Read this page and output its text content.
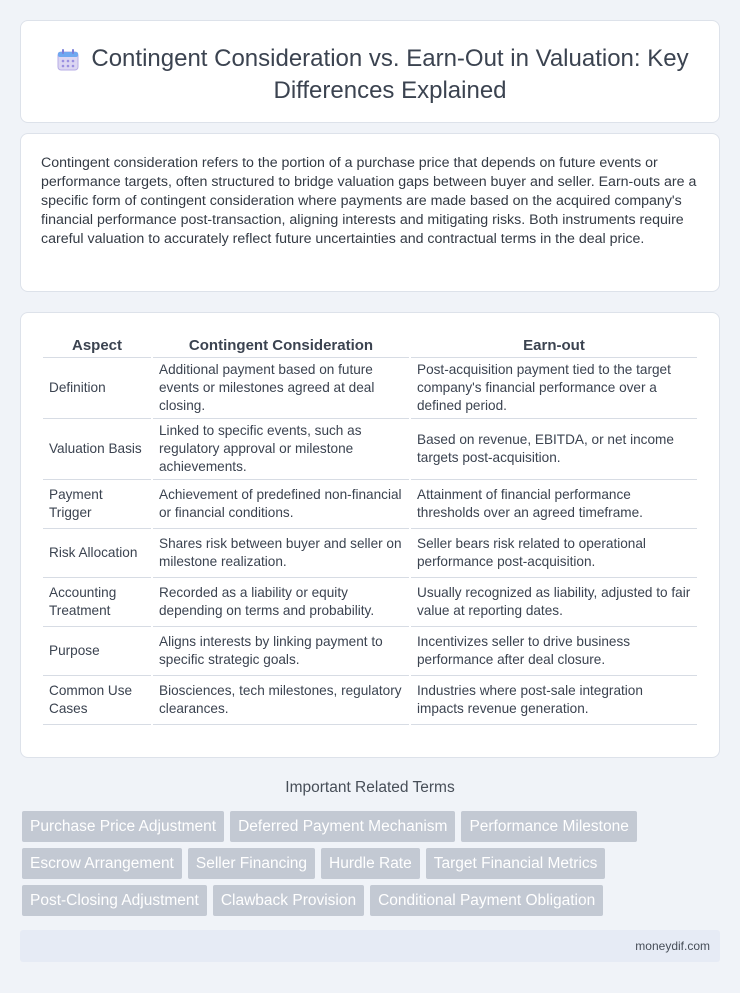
Contingent Consideration vs. Earn-Out in Valuation: Key Differences Explained

Contingent consideration refers to the portion of a purchase price that depends on future events or performance targets, often structured to bridge valuation gaps between buyer and seller. Earn-outs are a specific form of contingent consideration where payments are made based on the acquired company's financial performance post-transaction, aligning interests and mitigating risks. Both instruments require careful valuation to accurately reflect future uncertainties and contractual terms in the deal price.

Aspect	Contingent Consideration	Earn-out
Definition	Additional payment based on future events or milestones agreed at deal closing.	Post-acquisition payment tied to the target company's financial performance over a defined period.
Valuation Basis	Linked to specific events, such as regulatory approval or milestone achievements.	Based on revenue, EBITDA, or net income targets post-acquisition.
Payment Trigger	Achievement of predefined non-financial or financial conditions.	Attainment of financial performance thresholds over an agreed timeframe.
Risk Allocation	Shares risk between buyer and seller on milestone realization.	Seller bears risk related to operational performance post-acquisition.
Accounting Treatment	Recorded as a liability or equity depending on terms and probability.	Usually recognized as liability, adjusted to fair value at reporting dates.
Purpose	Aligns interests by linking payment to specific strategic goals.	Incentivizes seller to drive business performance after deal closure.
Common Use Cases	Biosciences, tech milestones, regulatory clearances.	Industries where post-sale integration impacts revenue generation.
Important Related Terms
Purchase Price Adjustment	Deferred Payment Mechanism	Performance Milestone
Escrow Arrangement	Seller Financing	Hurdle Rate	Target Financial Metrics
Post-Closing Adjustment	Clawback Provision	Conditional Payment Obligation
moneydif.com
